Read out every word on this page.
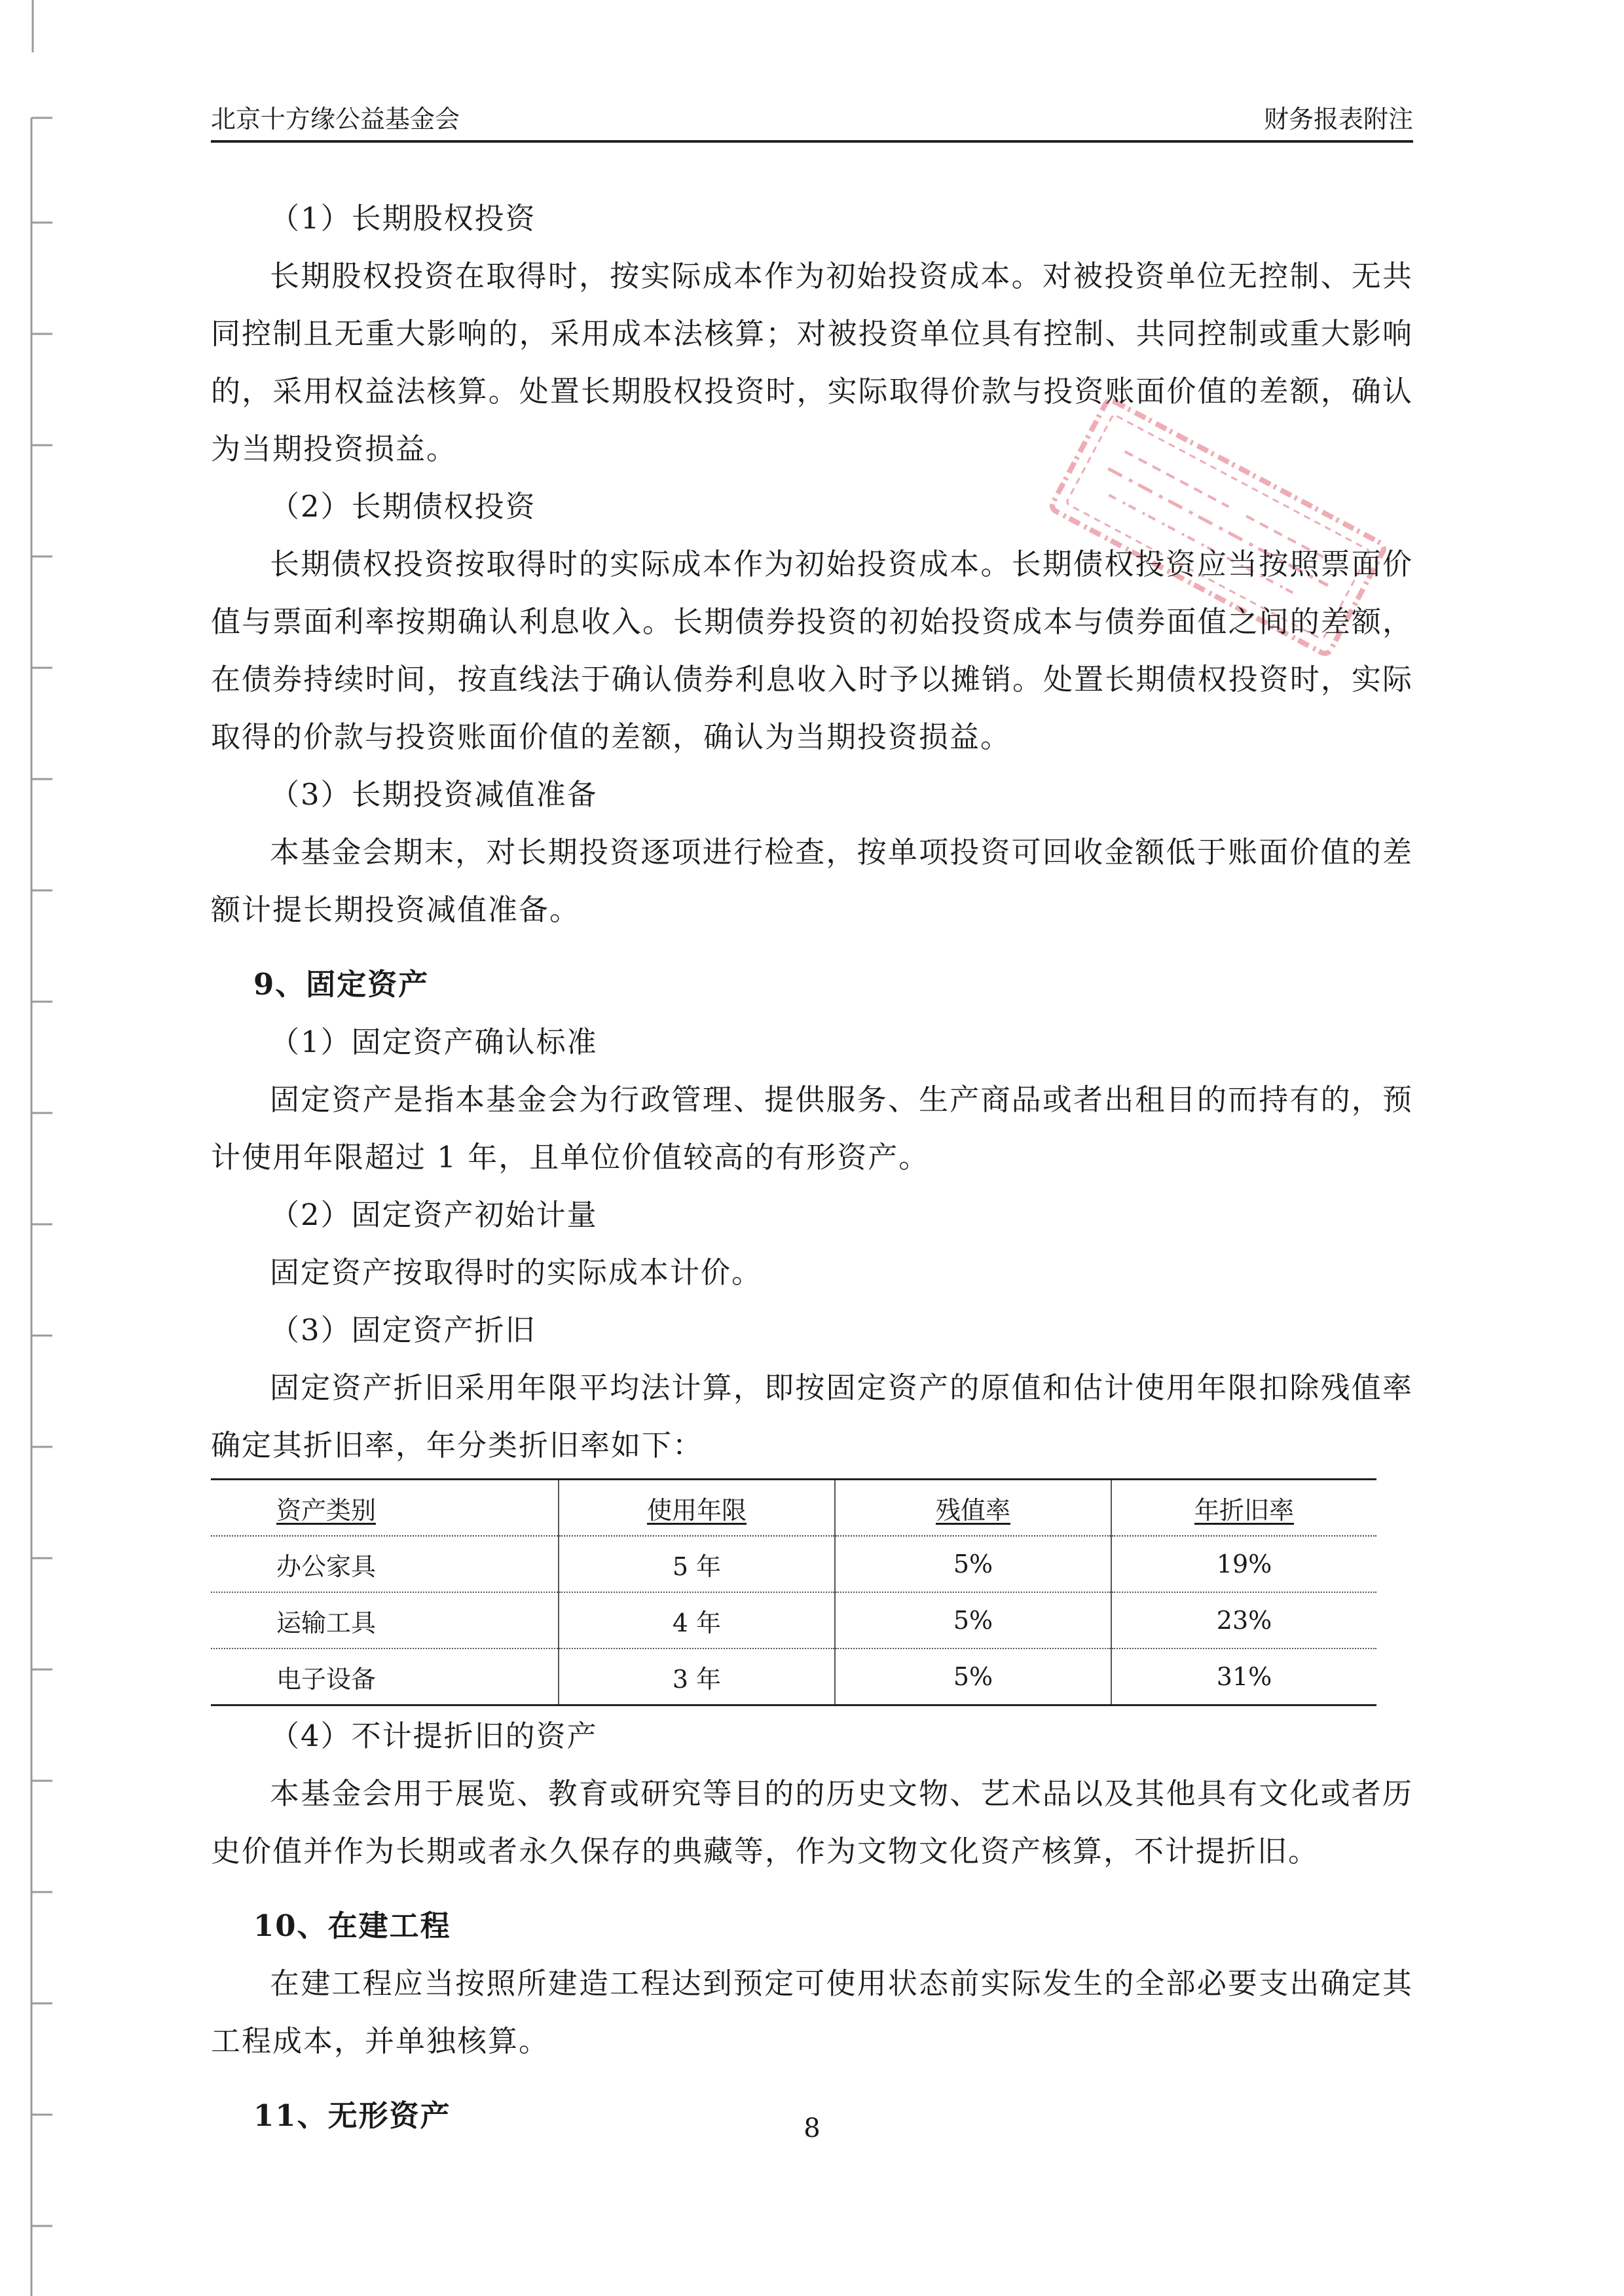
北京十方缘公益基金会	财务报表附注

（1）长期股权投资

长期股权投资在取得时，按实际成本作为初始投资成本。对被投资单位无控制、无共同控制且无重大影响的，采用成本法核算；对被投资单位具有控制、共同控制或重大影响的，采用权益法核算。处置长期股权投资时，实际取得价款与投资账面价值的差额，确认为当期投资损益。

（2）长期债权投资

长期债权投资按取得时的实际成本作为初始投资成本。长期债权投资应当按照票面价值与票面利率按期确认利息收入。长期债券投资的初始投资成本与债券面值之间的差额，在债券持续时间，按直线法于确认债券利息收入时予以摊销。处置长期债权投资时，实际取得的价款与投资账面价值的差额，确认为当期投资损益。

（3）长期投资减值准备

本基金会期末，对长期投资逐项进行检查，按单项投资可回收金额低于账面价值的差额计提长期投资减值准备。

9、固定资产

（1）固定资产确认标准

固定资产是指本基金会为行政管理、提供服务、生产商品或者出租目的而持有的，预计使用年限超过 1 年，且单位价值较高的有形资产。

（2）固定资产初始计量

固定资产按取得时的实际成本计价。

（3）固定资产折旧

固定资产折旧采用年限平均法计算，即按固定资产的原值和估计使用年限扣除残值率确定其折旧率，年分类折旧率如下：

资产类别	使用年限	残值率	年折旧率
办公家具	5 年	5%	19%
运输工具	4 年	5%	23%
电子设备	3 年	5%	31%

（4）不计提折旧的资产

本基金会用于展览、教育或研究等目的的历史文物、艺术品以及其他具有文化或者历史价值并作为长期或者永久保存的典藏等，作为文物文化资产核算，不计提折旧。

10、在建工程

在建工程应当按照所建造工程达到预定可使用状态前实际发生的全部必要支出确定其工程成本，并单独核算。

11、无形资产	8
